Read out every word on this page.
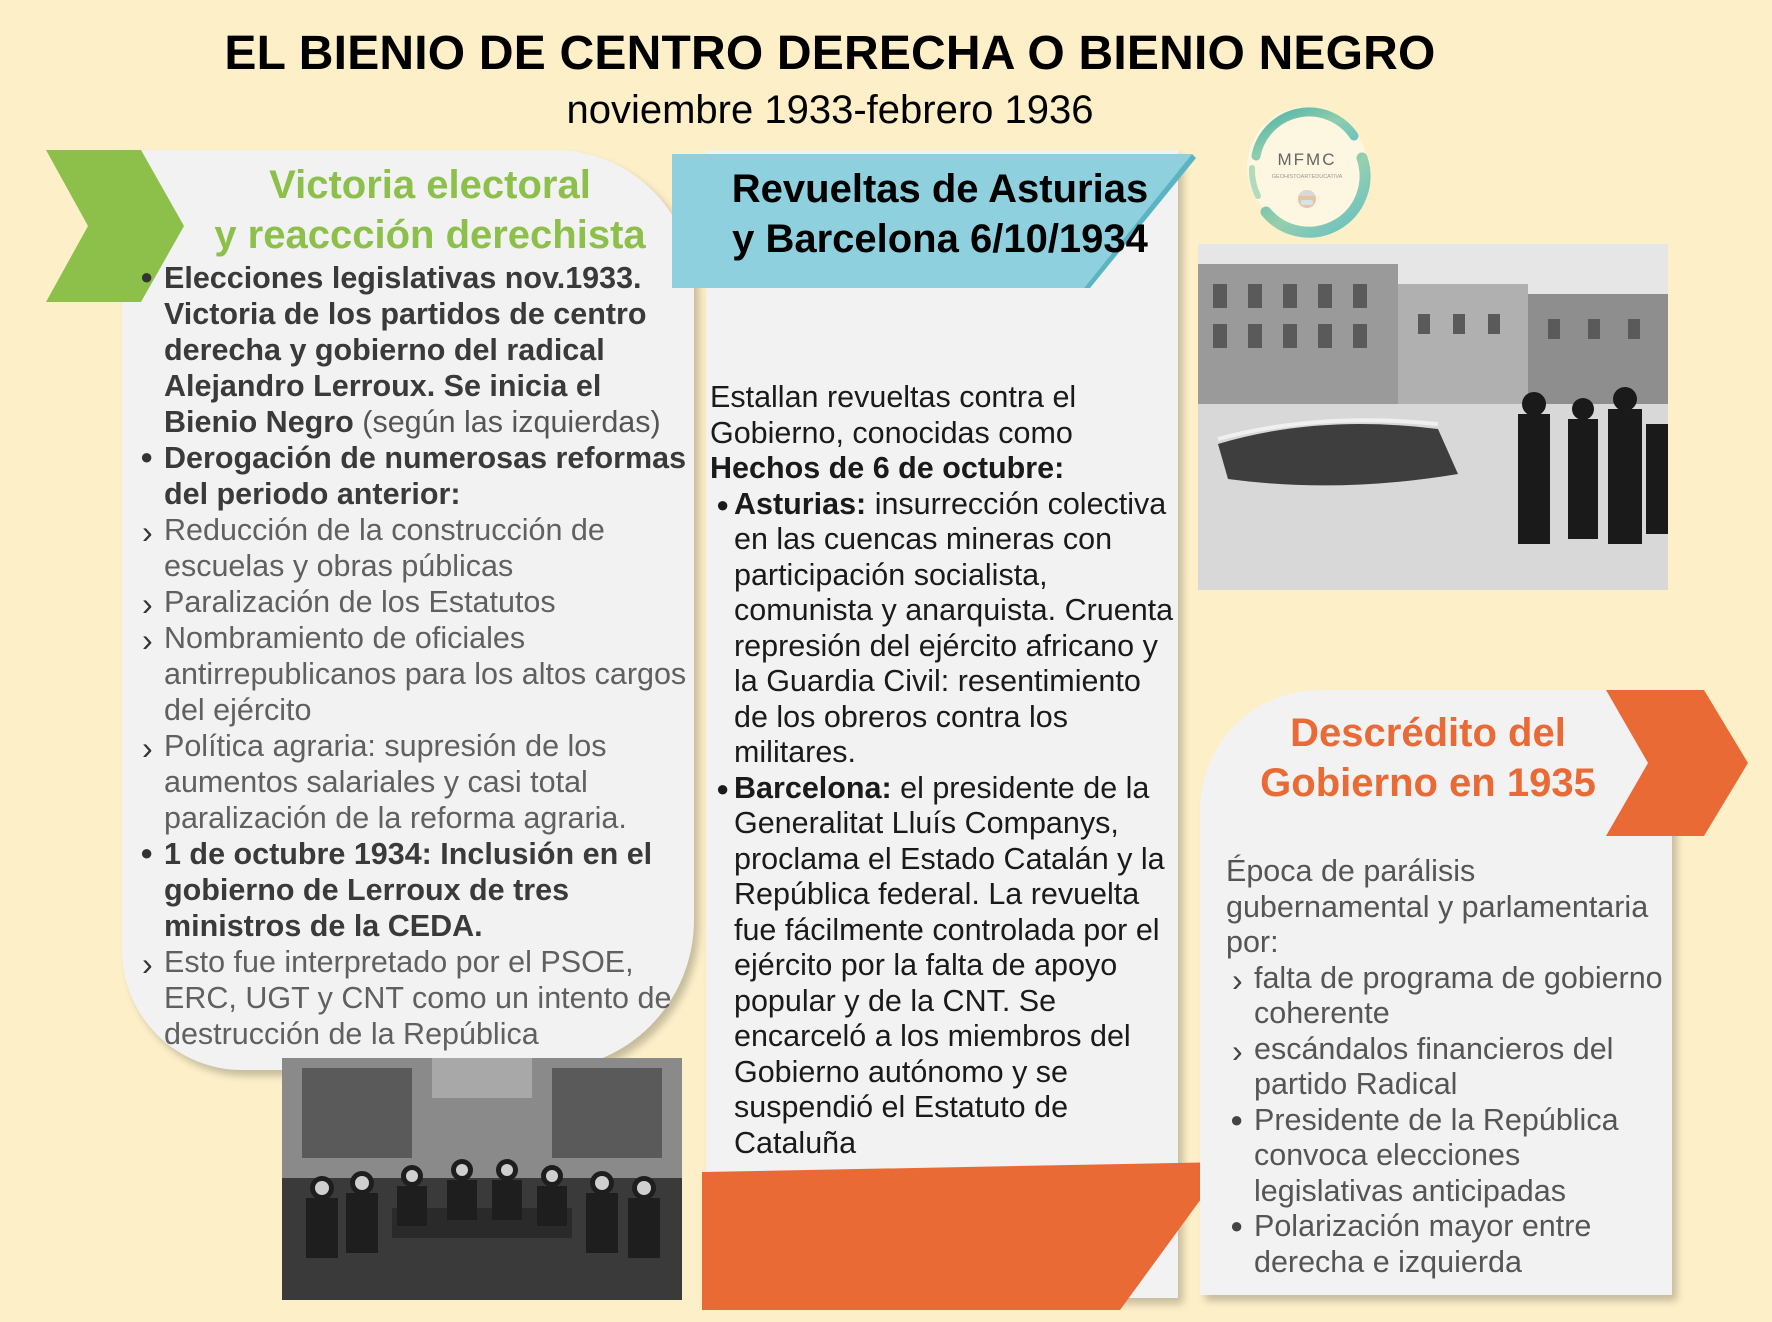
EL BIENIO DE CENTRO DERECHA O BIENIO NEGRO
noviembre 1933-febrero 1936
MFMC
GEOHISTOARTEDUCATIVA
Victoria electoral
y reaccción derechista
●
Elecciones legislativas nov.1933. Victoria de los partidos de centro derecha y gobierno del radical Alejandro Lerroux. Se inicia el Bienio Negro (según las izquierdas)
●
Derogación de numerosas reformas del periodo anterior:
›
Reducción de la construcción de escuelas y obras públicas
›
Paralización de los Estatutos
›
Nombramiento de oficiales antirrepublicanos para los altos cargos del ejército
›
Política agraria: supresión de los aumentos salariales y casi total paralización de la reforma agraria.
●
1 de octubre 1934: Inclusión en el gobierno de Lerroux de tres ministros de la CEDA.
›
Esto fue interpretado por el PSOE, ERC, UGT y CNT como un intento de destrucción de la República
Revueltas de Asturias
y Barcelona 6/10/1934
Estallan revueltas contra el Gobierno, conocidas como Hechos de 6 de octubre:
● Asturias: insurrección colectiva en las cuencas mineras con participación socialista, comunista y anarquista. Cruenta represión del ejército africano y la Guardia Civil: resentimiento de los obreros contra los militares.
● Barcelona: el presidente de la Generalitat Lluís Companys, proclama el Estado Catalán y la República federal. La revuelta fue fácilmente controlada por el ejército por la falta de apoyo popular y de la CNT. Se encarceló a los miembros del Gobierno autónomo y se suspendió el Estatuto de Cataluña
Descrédito del
Gobierno en 1935
Época de parálisis gubernamental y parlamentaria por:
›
falta de programa de gobierno coherente
›
escándalos financieros del partido Radical
●
Presidente de la República convoca elecciones legislativas anticipadas
●
Polarización mayor entre derecha e izquierda
